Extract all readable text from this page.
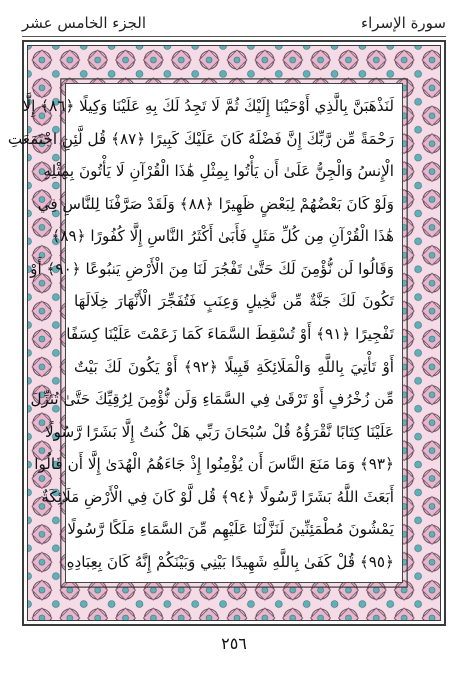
سورة الإسراء
الجزء الخامس عشر
لَنَذْهَبَنَّ بِالَّذِي أَوْحَيْنَا إِلَيْكَ ثُمَّ لَا تَجِدُ لَكَ بِهِ عَلَيْنَا وَكِيلًا ﴿٨٦﴾ إِلَّا
رَحْمَةً مِّن رَّبِّكَ إِنَّ فَضْلَهُ كَانَ عَلَيْكَ كَبِيرًا ﴿٨٧﴾ قُل لَّئِنِ اجْتَمَعَتِ
الْإِنسُ وَالْجِنُّ عَلَىٰ أَن يَأْتُوا بِمِثْلِ هَٰذَا الْقُرْآنِ لَا يَأْتُونَ بِمِثْلِهِ
وَلَوْ كَانَ بَعْضُهُمْ لِبَعْضٍ ظَهِيرًا ﴿٨٨﴾ وَلَقَدْ صَرَّفْنَا لِلنَّاسِ فِي
هَٰذَا الْقُرْآنِ مِن كُلِّ مَثَلٍ فَأَبَىٰ أَكْثَرُ النَّاسِ إِلَّا كُفُورًا ﴿٨٩﴾
وَقَالُوا لَن نُّؤْمِنَ لَكَ حَتَّىٰ تَفْجُرَ لَنَا مِنَ الْأَرْضِ يَنبُوعًا ﴿٩٠﴾ أَوْ
تَكُونَ لَكَ جَنَّةٌ مِّن نَّخِيلٍ وَعِنَبٍ فَتُفَجِّرَ الْأَنْهَارَ خِلَالَهَا
تَفْجِيرًا ﴿٩١﴾ أَوْ تُسْقِطَ السَّمَاءَ كَمَا زَعَمْتَ عَلَيْنَا كِسَفًا
أَوْ تَأْتِيَ بِاللَّهِ وَالْمَلَائِكَةِ قَبِيلًا ﴿٩٢﴾ أَوْ يَكُونَ لَكَ بَيْتٌ
مِّن زُخْرُفٍ أَوْ تَرْقَىٰ فِي السَّمَاءِ وَلَن نُّؤْمِنَ لِرُقِيِّكَ حَتَّىٰ تُنَزِّلَ
عَلَيْنَا كِتَابًا نَّقْرَؤُهُ قُلْ سُبْحَانَ رَبِّي هَلْ كُنتُ إِلَّا بَشَرًا رَّسُولًا
﴿٩٣﴾ وَمَا مَنَعَ النَّاسَ أَن يُؤْمِنُوا إِذْ جَاءَهُمُ الْهُدَىٰ إِلَّا أَن قَالُوا
أَبَعَثَ اللَّهُ بَشَرًا رَّسُولًا ﴿٩٤﴾ قُل لَّوْ كَانَ فِي الْأَرْضِ مَلَائِكَةٌ
يَمْشُونَ مُطْمَئِنِّينَ لَنَزَّلْنَا عَلَيْهِم مِّنَ السَّمَاءِ مَلَكًا رَّسُولًا
﴿٩٥﴾ قُلْ كَفَىٰ بِاللَّهِ شَهِيدًا بَيْنِي وَبَيْنَكُمْ إِنَّهُ كَانَ بِعِبَادِهِ
٢٥٦
